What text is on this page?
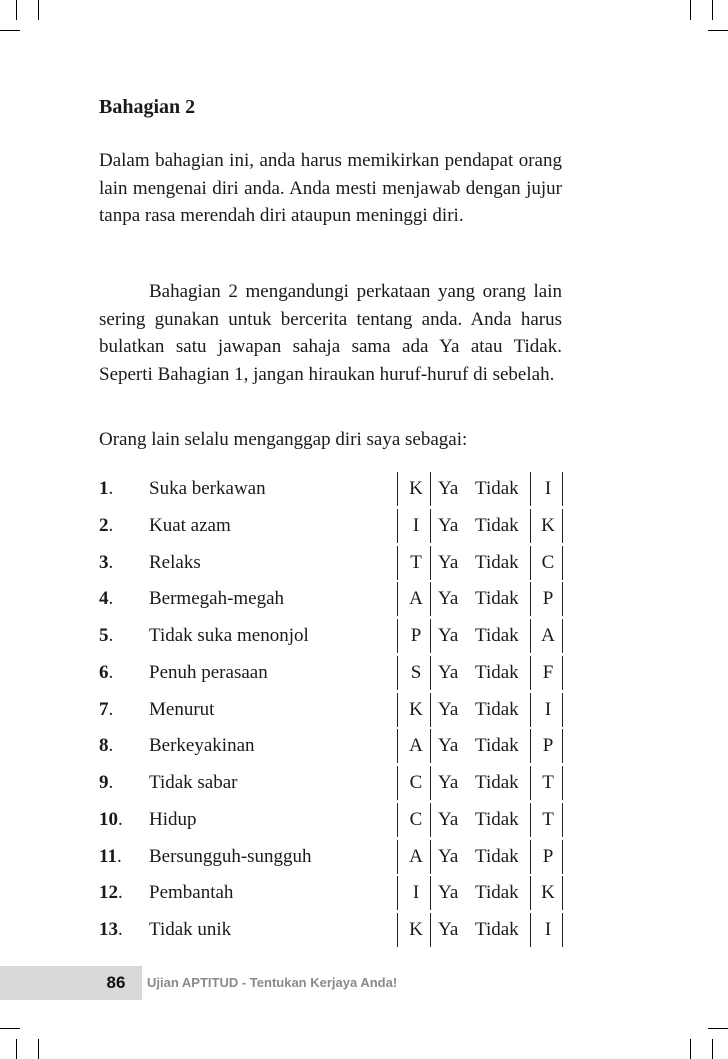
Bahagian 2

Dalam bahagian ini, anda harus memikirkan pendapat orang lain mengenai diri anda. Anda mesti menjawab dengan jujur tanpa rasa merendah diri ataupun meninggi diri.

Bahagian 2 mengandungi perkataan yang orang lain sering gunakan untuk bercerita tentang anda. Anda harus bulatkan satu jawapan sahaja sama ada Ya atau Tidak. Seperti Bahagian 1, jangan hiraukan huruf-huruf di sebelah.

Orang lain selalu menganggap diri saya sebagai:
1. Suka berkawan	K Ya Tidak	I
2. Kuat azam	I Ya Tidak K
3. Relaks	T Ya Tidak C
4. Bermegah-megah	A Ya Tidak P
5. Tidak suka menonjol	P Ya Tidak A
6. Penuh perasaan	S Ya Tidak F
7. Menurut	K Ya Tidak	I
8. Berkeyakinan	A Ya Tidak P
9. Tidak sabar	C Ya Tidak T
10. Hidup	C Ya Tidak T
11. Bersungguh-sungguh	A Ya Tidak P
12. Pembantah	I Ya Tidak K
13. Tidak unik	K Ya Tidak	I
86	Ujian APTITUD - Tentukan Kerjaya Anda!
